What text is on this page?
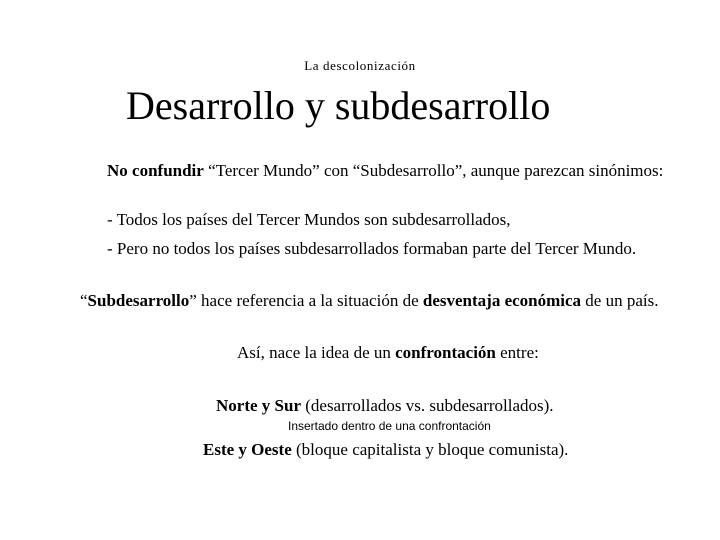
La descolonización
Desarrollo y subdesarrollo
No confundir “Tercer Mundo” con “Subdesarrollo”, aunque parezcan sinónimos:
- Todos los países del Tercer Mundos son subdesarrollados,
- Pero no todos los países subdesarrollados formaban parte del Tercer Mundo.
“Subdesarrollo” hace referencia a la situación de desventaja económica de un país.
Así, nace la idea de un confrontación entre:
Norte y Sur (desarrollados vs. subdesarrollados).
Insertado dentro de una confrontación
Este y Oeste (bloque capitalista y bloque comunista).
